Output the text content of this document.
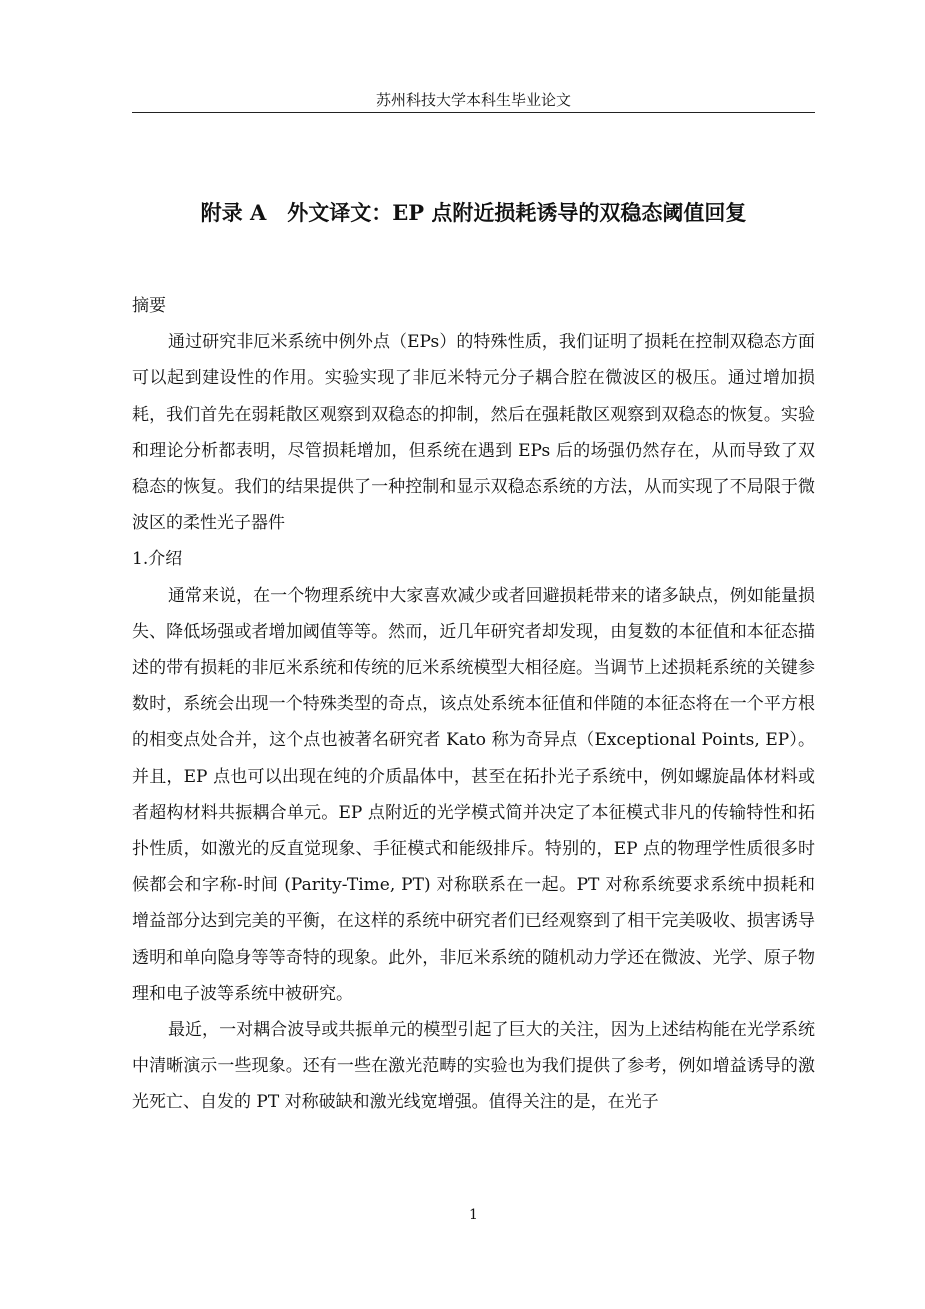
苏州科技大学本科生毕业论文
附录 A　外文译文：EP 点附近损耗诱导的双稳态阈值回复

摘要

通过研究非厄米系统中例外点（EPs）的特殊性质，我们证明了损耗在控制双稳态方面可以起到建设性的作用。实验实现了非厄米特元分子耦合腔在微波区的极压。通过增加损耗，我们首先在弱耗散区观察到双稳态的抑制，然后在强耗散区观察到双稳态的恢复。实验和理论分析都表明，尽管损耗增加，但系统在遇到 EPs 后的场强仍然存在，从而导致了双稳态的恢复。我们的结果提供了一种控制和显示双稳态系统的方法，从而实现了不局限于微波区的柔性光子器件

1.介绍

通常来说，在一个物理系统中大家喜欢减少或者回避损耗带来的诸多缺点，例如能量损失、降低场强或者增加阈值等等。然而，近几年研究者却发现，由复数的本征值和本征态描述的带有损耗的非厄米系统和传统的厄米系统模型大相径庭。当调节上述损耗系统的关键参数时，系统会出现一个特殊类型的奇点，该点处系统本征值和伴随的本征态将在一个平方根的相变点处合并，这个点也被著名研究者 Kato 称为奇异点（Exceptional Points, EP）。并且，EP 点也可以出现在纯的介质晶体中，甚至在拓扑光子系统中，例如螺旋晶体材料或者超构材料共振耦合单元。EP 点附近的光学模式简并决定了本征模式非凡的传输特性和拓扑性质，如激光的反直觉现象、手征模式和能级排斥。特别的，EP 点的物理学性质很多时候都会和字称-时间 (Parity-Time, PT) 对称联系在一起。PT 对称系统要求系统中损耗和增益部分达到完美的平衡，在这样的系统中研究者们已经观察到了相干完美吸收、损害诱导透明和单向隐身等等奇特的现象。此外，非厄米系统的随机动力学还在微波、光学、原子物理和电子波等系统中被研究。

最近，一对耦合波导或共振单元的模型引起了巨大的关注，因为上述结构能在光学系统中清晰演示一些现象。还有一些在激光范畴的实验也为我们提供了参考，例如增益诱导的激光死亡、自发的 PT 对称破缺和激光线宽增强。值得关注的是，在光子

1
